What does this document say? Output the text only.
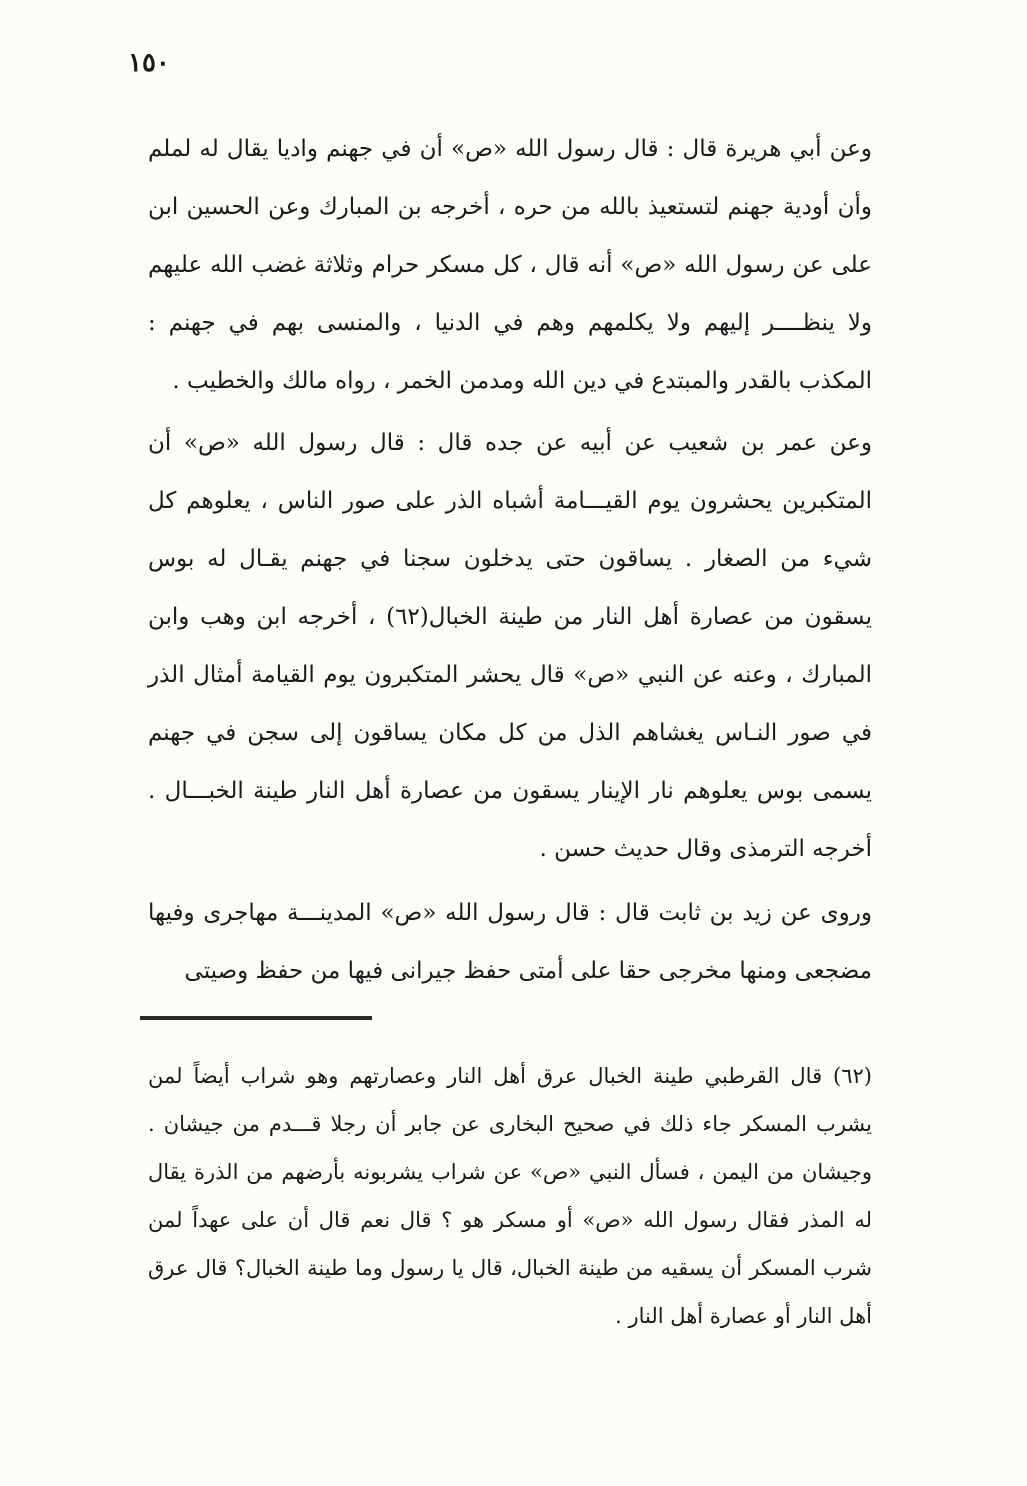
١٥٠

وعن أبي هريرة قال : قال رسول الله «ص» أن في جهنم واديا يقال له لملم وأن أودية جهنم لتستعيذ بالله من حره ، أخرجه بن المبارك وعن الحسين ابن على عن رسول الله «ص» أنه قال ، كل مسكر حرام وثلاثة غضب الله عليهم ولا ينظــــر إليهم ولا يكلمهم وهم في الدنيا ، والمنسى بهم في جهنم : المكذب بالقدر والمبتدع في دين الله ومدمن الخمر ، رواه مالك والخطيب .

وعن عمر بن شعيب عن أبيه عن جده قال : قال رسول الله «ص» أن المتكبرين يحشرون يوم القيـــامة أشباه الذر على صور الناس ، يعلوهم كل شيء من الصغار . يساقون حتى يدخلون سجنا في جهنم يقـال له بوس يسقون من عصارة أهل النار من طينة الخبال(٦٢) ، أخرجه ابن وهب وابن المبارك ، وعنه عن النبي «ص» قال يحشر المتكبرون يوم القيامة أمثال الذر في صور النـاس يغشاهم الذل من كل مكان يساقون إلى سجن في جهنم يسمى بوس يعلوهم نار الإينار يسقون من عصارة أهل النار طينة الخبـــال . أخرجه الترمذى وقال حديث حسن .

وروى عن زيد بن ثابت قال : قال رسول الله «ص» المدينـــة مهاجرى وفيها مضجعى ومنها مخرجى حقا على أمتى حفظ جيرانى فيها من حفظ وصيتى

(٦٢) قال القرطبي طينة الخبال عرق أهل النار وعصارتهم وهو شراب أيضاً لمن يشرب المسكر جاء ذلك في صحيح البخارى عن جابر أن رجلا قـــدم من جيشان . وجيشان من اليمن ، فسأل النبي «ص» عن شراب يشربونه بأرضهم من الذرة يقال له المذر فقال رسول الله «ص» أو مسكر هو ؟ قال نعم قال أن على عهداً لمن شرب المسكر أن يسقيه من طينة الخبال، قال يا رسول وما طينة الخبال؟ قال عرق أهل النار أو عصارة أهل النار .
